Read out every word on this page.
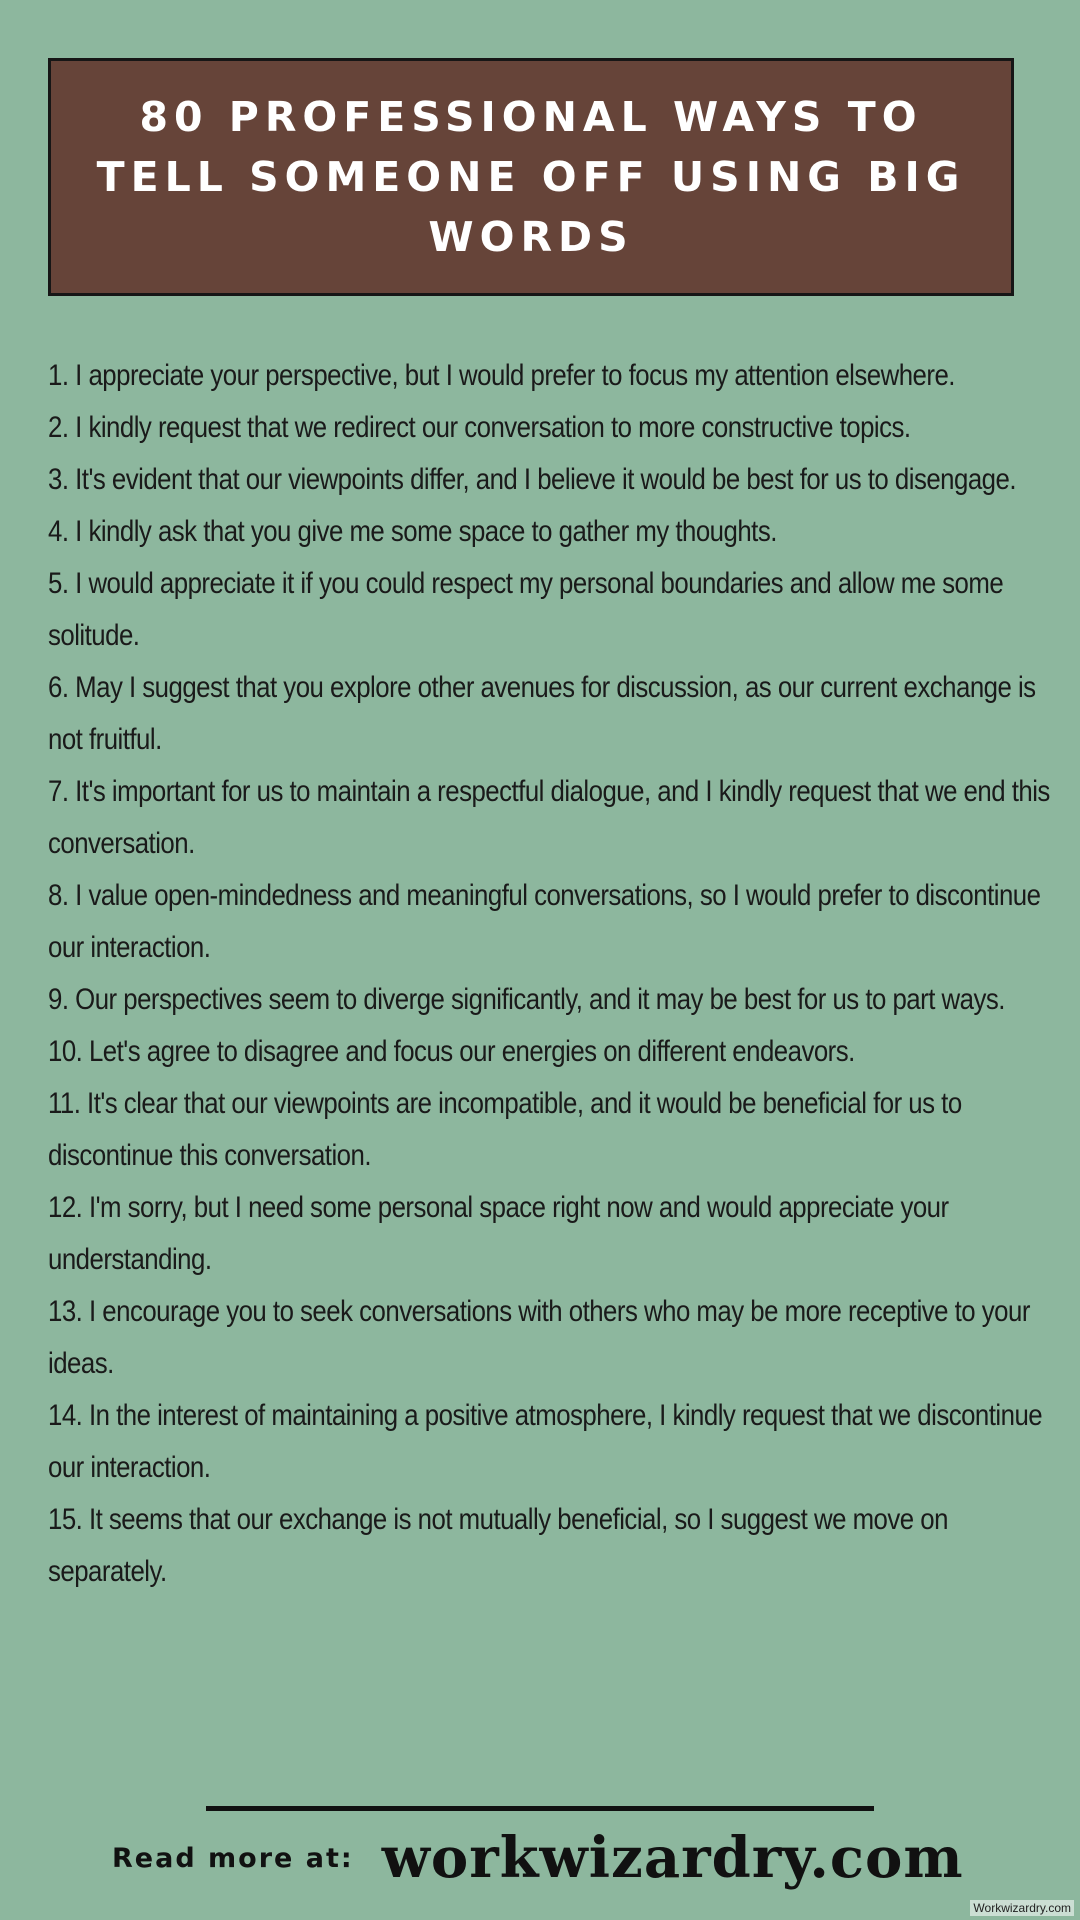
80 PROFESSIONAL WAYS TO TELL SOMEONE OFF USING BIG WORDS
1. I appreciate your perspective, but I would prefer to focus my attention elsewhere.
2. I kindly request that we redirect our conversation to more constructive topics.
3. It's evident that our viewpoints differ, and I believe it would be best for us to disengage.
4. I kindly ask that you give me some space to gather my thoughts.
5. I would appreciate it if you could respect my personal boundaries and allow me some solitude.
6. May I suggest that you explore other avenues for discussion, as our current exchange is not fruitful.
7. It's important for us to maintain a respectful dialogue, and I kindly request that we end this conversation.
8. I value open-mindedness and meaningful conversations, so I would prefer to discontinue our interaction.
9. Our perspectives seem to diverge significantly, and it may be best for us to part ways.
10. Let's agree to disagree and focus our energies on different endeavors.
11. It's clear that our viewpoints are incompatible, and it would be beneficial for us to discontinue this conversation.
12. I'm sorry, but I need some personal space right now and would appreciate your understanding.
13. I encourage you to seek conversations with others who may be more receptive to your ideas.
14. In the interest of maintaining a positive atmosphere, I kindly request that we discontinue our interaction.
15. It seems that our exchange is not mutually beneficial, so I suggest we move on separately.
Read more at: workwizardry.com
Workwizardry.com
